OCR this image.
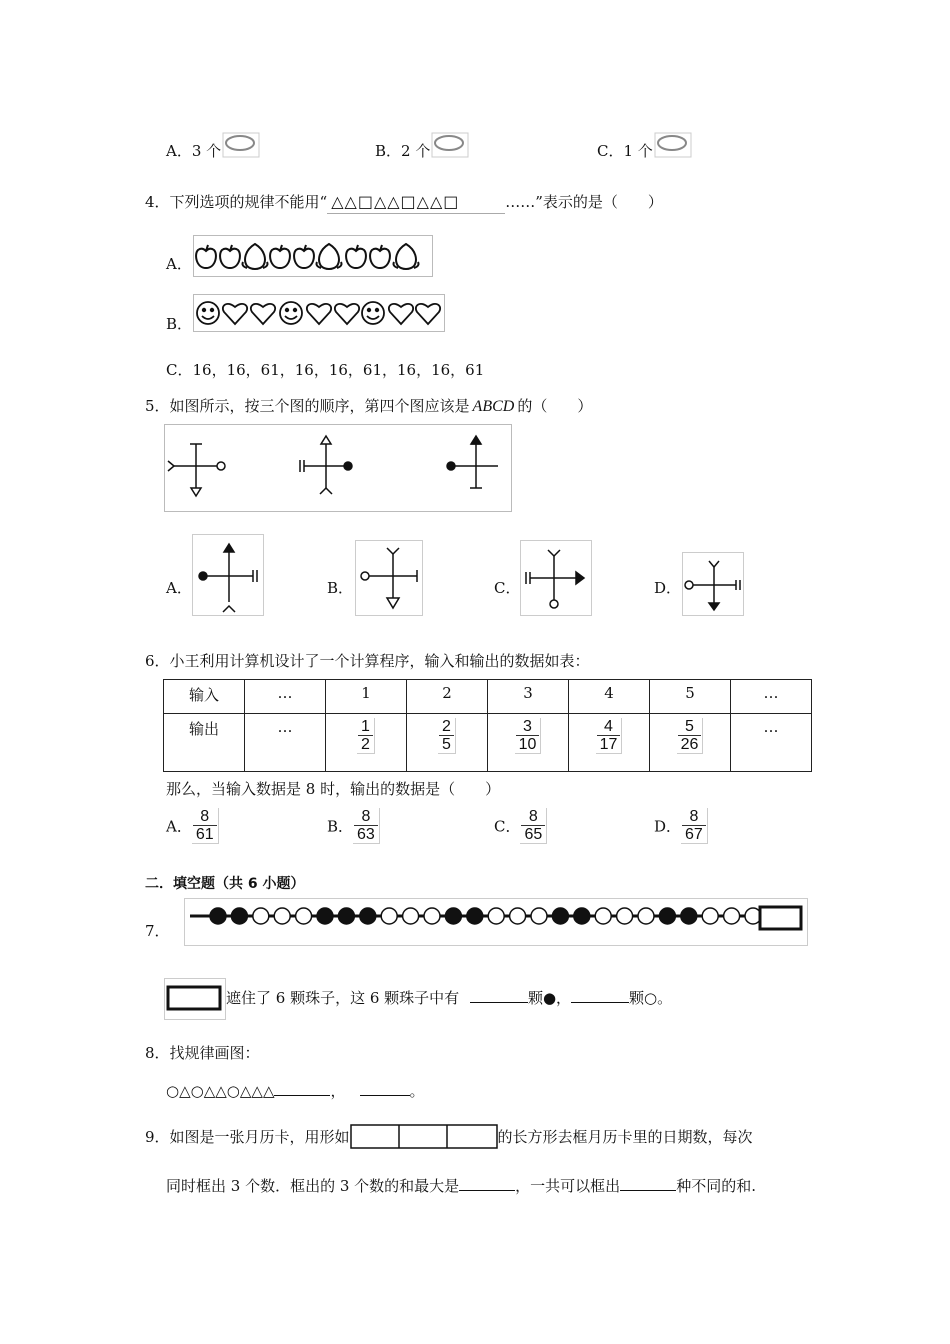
A．3 个	B．2 个	C．1 个
4．下列选项的规律不能用“ △△□△△□△△□	……”表示的是（　　）
A．
B．
C．16，16，61，16，16，61，16，16，61
5．如图所示，按三个图的顺序，第四个图应该是 ABCD 的（　　）
A．	B．	C．	D．
6．小王利用计算机设计了一个计算程序，输入和输出的数据如表：
输入	…	1	2	3	4	5	…
输出	…	$\frac{1}{2}$	$\frac{2}{5}$	$\frac{3}{10}$	$\frac{4}{17}$	$\frac{5}{26}$	…
那么，当输入数据是 8 时，输出的数据是（　　）
A． $\frac{8}{61}$	B． $\frac{8}{63}$	C． $\frac{8}{65}$	D． $\frac{8}{67}$
二．填空题（共 6 小题）
7．
遮住了 6 颗珠子，这 6 颗珠子中有	颗●，	颗○。
8．找规律画图：
○△○△△○△△△	，	。
9．如图是一张月历卡，用形如	的长方形去框月历卡里的日期数，每次
同时框出 3 个数．框出的 3 个数的和最大是	，一共可以框出	种不同的和.
